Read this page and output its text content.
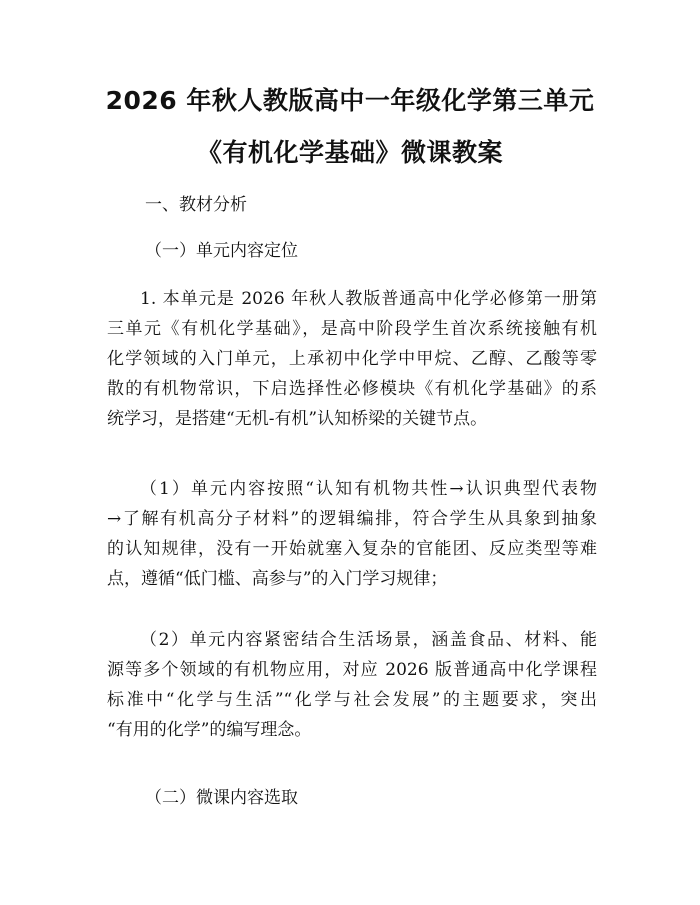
2026 年秋人教版高中一年级化学第三单元
《有机化学基础》微课教案

一、教材分析

（一）单元内容定位

1. 本单元是 2026 年秋人教版普通高中化学必修第一册第
三单元《有机化学基础》，是高中阶段学生首次系统接触有机
化学领域的入门单元，上承初中化学中甲烷、乙醇、乙酸等零
散的有机物常识，下启选择性必修模块《有机化学基础》的系
统学习，是搭建“无机-有机”认知桥梁的关键节点。
（1）单元内容按照“认知有机物共性→认识典型代表物
→了解有机高分子材料”的逻辑编排，符合学生从具象到抽象
的认知规律，没有一开始就塞入复杂的官能团、反应类型等难
点，遵循“低门槛、高参与”的入门学习规律；
（2）单元内容紧密结合生活场景，涵盖食品、材料、能
源等多个领域的有机物应用，对应 2026 版普通高中化学课程
标准中“化学与生活”“化学与社会发展”的主题要求，突出
“有用的化学”的编写理念。

（二）微课内容选取
